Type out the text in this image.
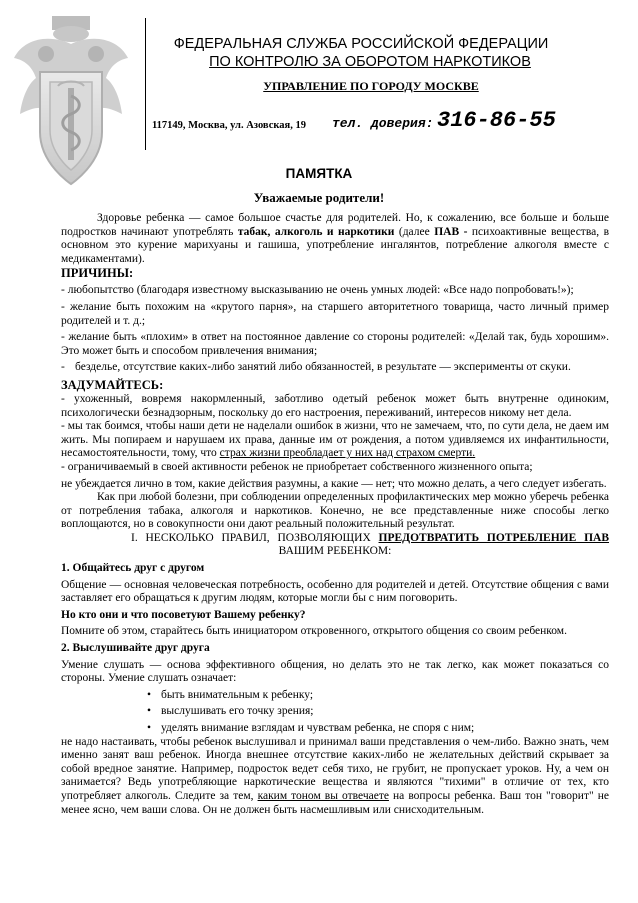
ФЕДЕРАЛЬНАЯ СЛУЖБА РОССИЙСКОЙ ФЕДЕРАЦИИ
ПО КОНТРОЛЮ ЗА ОБОРОТОМ НАРКОТИКОВ
УПРАВЛЕНИЕ ПО ГОРОДУ МОСКВЕ
117149, Москва, ул. Азовская, 19 тел. доверия: 316-86-55
ПАМЯТКА
Уважаемые родители!

Здоровье ребенка — самое большое счастье для родителей. Но, к сожалению, все больше и больше подростков начинают употреблять табак, алкоголь и наркотики (далее ПАВ - психоактивные вещества, в основном это курение марихуаны и гашиша, употребление ингалянтов, потребление алкоголя вместе с медикаментами).

ПРИЧИНЫ:

- любопытство (благодаря известному высказыванию не очень умных людей: «Все надо попробовать!»);

- желание быть похожим на «крутого парня», на старшего авторитетного товарища, часто личный пример родителей и т. д.;

- желание быть «плохим» в ответ на постоянное давление со стороны родителей: «Делай так, будь хорошим». Это может быть и способом привлечения внимания;

- безделье, отсутствие каких-либо занятий либо обязанностей, в результате — эксперименты от скуки.

ЗАДУМАЙТЕСЬ:

- ухоженный, вовремя накормленный, заботливо одетый ребенок может быть внутренне одиноким, психологически безнадзорным, поскольку до его настроения, переживаний, интересов никому нет дела.

- мы так боимся, чтобы наши дети не наделали ошибок в жизни, что не замечаем, что, по сути дела, не даем им жить. Мы попираем и нарушаем их права, данные им от рождения, а потом удивляемся их инфантильности, несамостоятельности, тому, что страх жизни преобладает у них над страхом смерти.

- ограничиваемый в своей активности ребенок не приобретает собственного жизненного опыта;

не убеждается лично в том, какие действия разумны, а какие — нет; что можно делать, а чего следует избегать.

Как при любой болезни, при соблюдении определенных профилактических мер можно уберечь ребенка от потребления табака, алкоголя и наркотиков. Конечно, не все представленные ниже способы легко воплощаются, но в совокупности они дают реальный положительный результат.

I. НЕСКОЛЬКО ПРАВИЛ, ПОЗВОЛЯЮЩИХ ПРЕДОТВРАТИТЬ ПОТРЕБЛЕНИЕ ПАВ

ВАШИМ РЕБЕНКОМ:

1. Общайтесь друг с другом

Общение — основная человеческая потребность, особенно для родителей и детей. Отсутствие общения с вами заставляет его обращаться к другим людям, которые могли бы с ним поговорить.

Но кто они и что посоветуют Вашему ребенку?

Помните об этом, старайтесь быть инициатором откровенного, открытого общения со своим ребенком.

2. Выслушивайте друг друга

Умение слушать — основа эффективного общения, но делать это не так легко, как может показаться со стороны. Умение слушать означает:

• быть внимательным к ребенку;

• выслушивать его точку зрения;

• уделять внимание взглядам и чувствам ребенка, не споря с ним;

не надо настаивать, чтобы ребенок выслушивал и принимал ваши представления о чем-либо. Важно знать, чем именно занят ваш ребенок. Иногда внешнее отсутствие каких-либо не желательных действий скрывает за собой вредное занятие. Например, подросток ведет себя тихо, не грубит, не пропускает уроков. Ну, а чем он занимается? Ведь употребляющие наркотические вещества и являются "тихими" в отличие от тех, кто употребляет алкоголь. Следите за тем, каким тоном вы отвечаете на вопросы ребенка. Ваш тон "говорит" не менее ясно, чем ваши слова. Он не должен быть насмешливым или снисходительным.
